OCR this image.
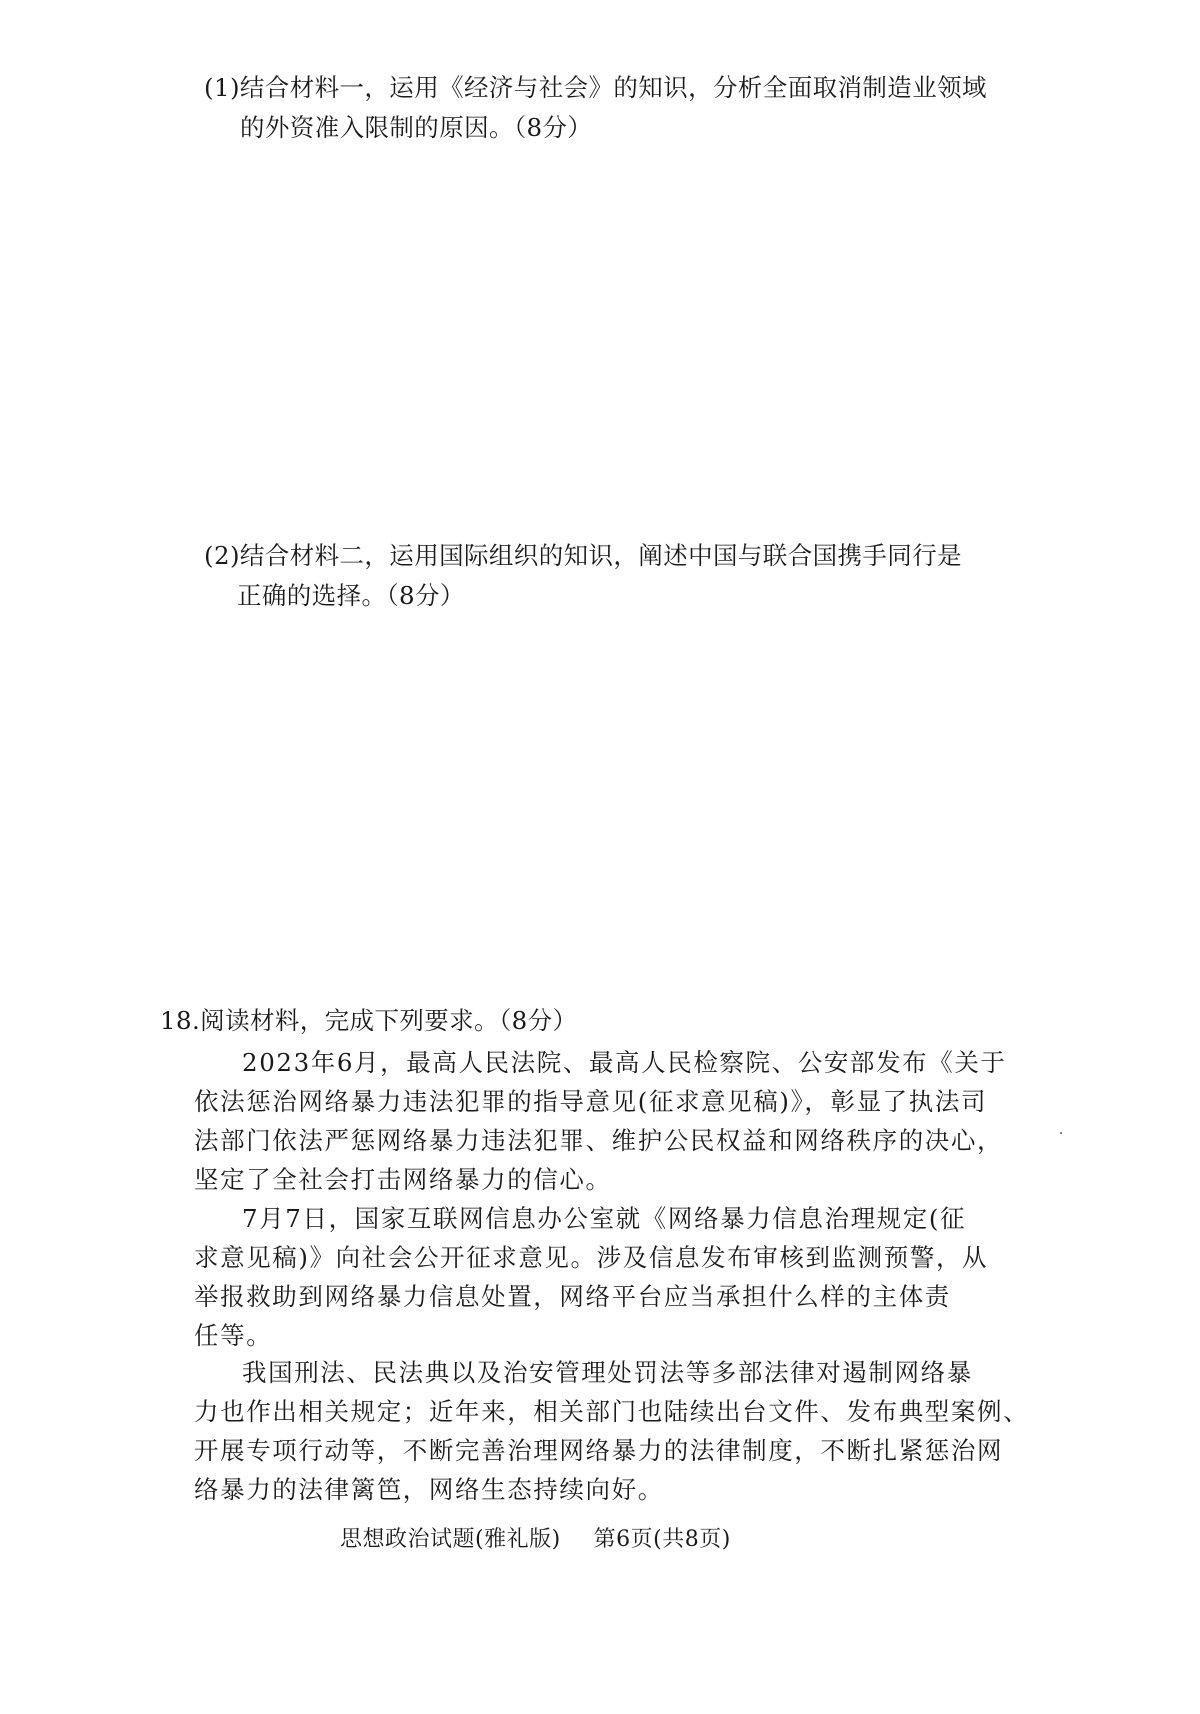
(1)结合材料一，运用《经济与社会》的知识，分析全面取消制造业领域
的外资准入限制的原因。（8分）
(2)结合材料二，运用国际组织的知识，阐述中国与联合国携手同行是
正确的选择。（8分）
18.阅读材料，完成下列要求。（8分）
2023年6月，最高人民法院、最高人民检察院、公安部发布《关于
依法惩治网络暴力违法犯罪的指导意见(征求意见稿)》，彰显了执法司
法部门依法严惩网络暴力违法犯罪、维护公民权益和网络秩序的决心，
坚定了全社会打击网络暴力的信心。
7月7日，国家互联网信息办公室就《网络暴力信息治理规定(征
求意见稿)》向社会公开征求意见。涉及信息发布审核到监测预警，从
举报救助到网络暴力信息处置，网络平台应当承担什么样的主体责
任等。
我国刑法、民法典以及治安管理处罚法等多部法律对遏制网络暴
力也作出相关规定；近年来，相关部门也陆续出台文件、发布典型案例、
开展专项行动等，不断完善治理网络暴力的法律制度，不断扎紧惩治网
络暴力的法律篱笆，网络生态持续向好。
思想政治试题(雅礼版) 第6页(共8页)
